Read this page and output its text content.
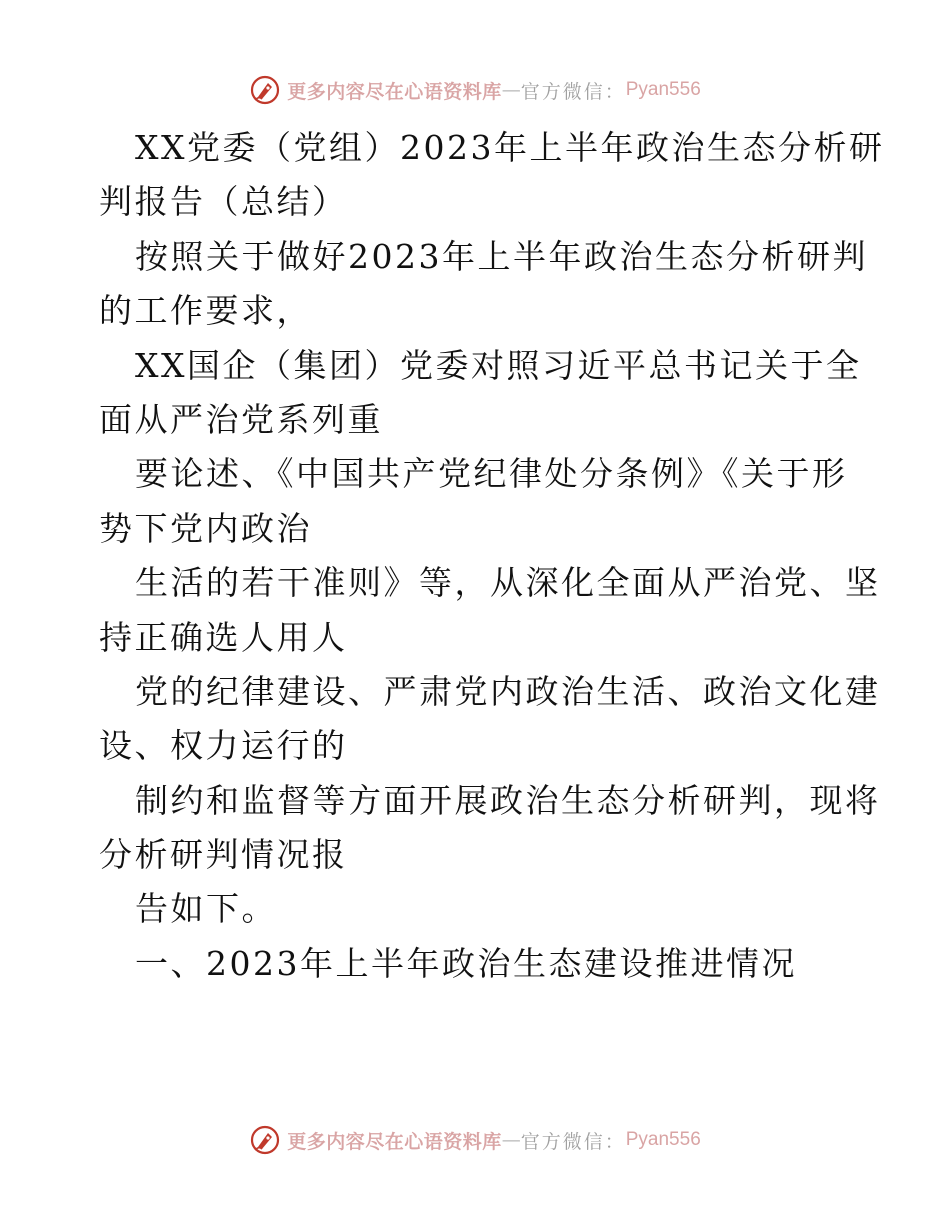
更多内容尽在心语资料库 — 官方微信： Pyan556

XX党委（党组）2023年上半年政治生态分析研

判报告（总结）

按照关于做好2023年上半年政治生态分析研判

的工作要求，

XX国企（集团）党委对照习近平总书记关于全

面从严治党系列重

要论述、《中国共产党纪律处分条例》《关于形

势下党内政治

生活的若干准则》等，从深化全面从严治党、坚

持正确选人用人

党的纪律建设、严肃党内政治生活、政治文化建

设、权力运行的

制约和监督等方面开展政治生态分析研判，现将

分析研判情况报

告如下。

一、2023年上半年政治生态建设推进情况

更多内容尽在心语资料库 — 官方微信： Pyan556
